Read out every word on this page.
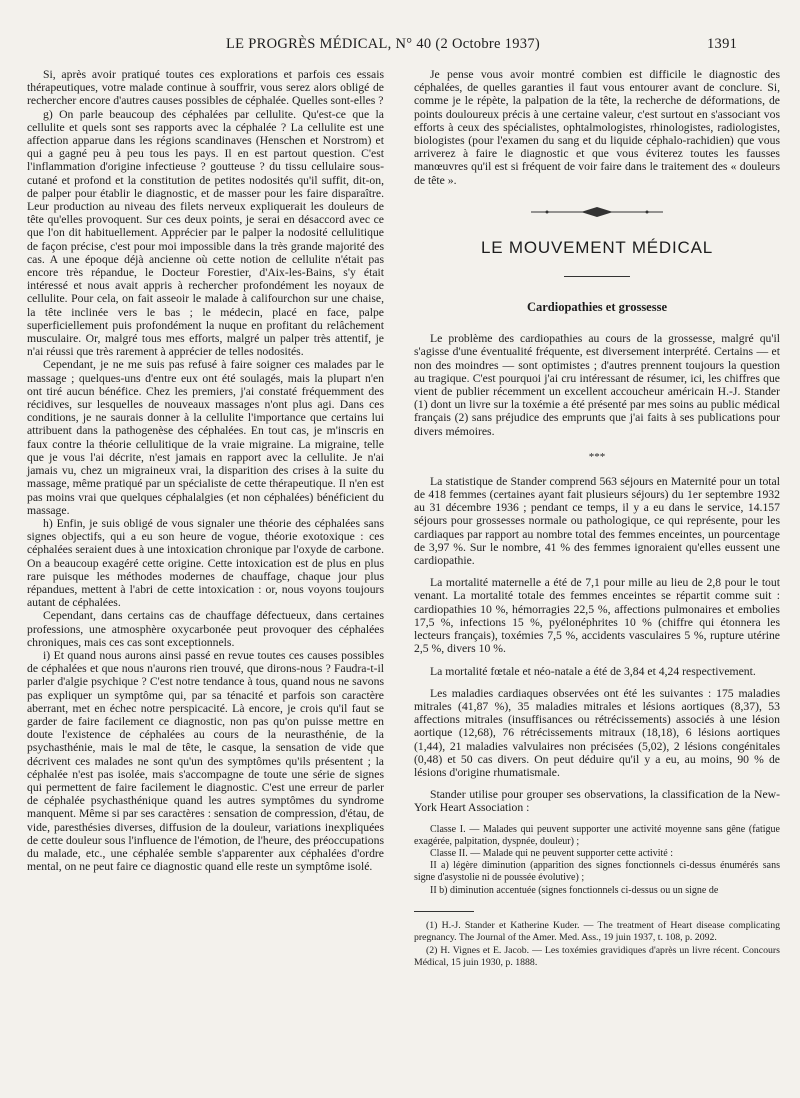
LE PROGRÈS MÉDICAL, N° 40 (2 Octobre 1937)	1391

Si, après avoir pratiqué toutes ces explorations et parfois ces essais thérapeutiques, votre malade continue à souffrir, vous serez alors obligé de rechercher encore d'autres causes possibles de céphalée. Quelles sont-elles ?

g) On parle beaucoup des céphalées par cellulite. Qu'est-ce que la cellulite et quels sont ses rapports avec la céphalée ? La cellulite est une affection apparue dans les régions scandinaves (Henschen et Norstrom) et qui a gagné peu à peu tous les pays. Il en est partout question. C'est l'inflammation d'origine infectieuse ? goutteuse ? du tissu cellulaire sous-cutané et profond et la constitution de petites nodosités qu'il suffit, dit-on, de palper pour établir le diagnostic, et de masser pour les faire disparaître. Leur production au niveau des filets nerveux expliquerait les douleurs de tête qu'elles provoquent. Sur ces deux points, je serai en désaccord avec ce que l'on dit habituellement. Apprécier par le palper la nodosité cellulitique de façon précise, c'est pour moi impossible dans la très grande majorité des cas. A une époque déjà ancienne où cette notion de cellulite n'était pas encore très répandue, le Docteur Forestier, d'Aix-les-Bains, s'y était intéressé et nous avait appris à rechercher profondément les noyaux de cellulite. Pour cela, on fait asseoir le malade à califourchon sur une chaise, la tête inclinée vers le bas ; le médecin, placé en face, palpe superficiellement puis profondément la nuque en profitant du relâchement musculaire. Or, malgré tous mes efforts, malgré un palper très attentif, je n'ai réussi que très rarement à apprécier de telles nodosités.

Cependant, je ne me suis pas refusé à faire soigner ces malades par le massage ; quelques-uns d'entre eux ont été soulagés, mais la plupart n'en ont tiré aucun bénéfice. Chez les premiers, j'ai constaté fréquemment des récidives, sur lesquelles de nouveaux massages n'ont plus agi. Dans ces conditions, je ne saurais donner à la cellulite l'importance que certains lui attribuent dans la pathogenèse des céphalées. En tout cas, je m'inscris en faux contre la théorie cellulitique de la vraie migraine. La migraine, telle que je vous l'ai décrite, n'est jamais en rapport avec la cellulite. Je n'ai jamais vu, chez un migraineux vrai, la disparition des crises à la suite du massage, même pratiqué par un spécialiste de cette thérapeutique. Il n'en est pas moins vrai que quelques céphalalgies (et non céphalées) bénéficient du massage.

h) Enfin, je suis obligé de vous signaler une théorie des céphalées sans signes objectifs, qui a eu son heure de vogue, théorie exotoxique : ces céphalées seraient dues à une intoxication chronique par l'oxyde de carbone. On a beaucoup exagéré cette origine. Cette intoxication est de plus en plus rare puisque les méthodes modernes de chauffage, chaque jour plus répandues, mettent à l'abri de cette intoxication : or, nous voyons toujours autant de céphalées.

Cependant, dans certains cas de chauffage défectueux, dans certaines professions, une atmosphère oxycarbonée peut provoquer des céphalées chroniques, mais ces cas sont exceptionnels.

i) Et quand nous aurons ainsi passé en revue toutes ces causes possibles de céphalées et que nous n'aurons rien trouvé, que dirons-nous ? Faudra-t-il parler d'algie psychique ? C'est notre tendance à tous, quand nous ne savons pas expliquer un symptôme qui, par sa ténacité et parfois son caractère aberrant, met en échec notre perspicacité. Là encore, je crois qu'il faut se garder de faire facilement ce diagnostic, non pas qu'on puisse mettre en doute l'existence de céphalées au cours de la neurasthénie, de la psychasthénie, mais le mal de tête, le casque, la sensation de vide que décrivent ces malades ne sont qu'un des symptômes qu'ils présentent ; la céphalée n'est pas isolée, mais s'accompagne de toute une série de signes qui permettent de faire facilement le diagnostic. C'est une erreur de parler de céphalée psychasthénique quand les autres symptômes du syndrome manquent. Même si par ses caractères : sensation de compression, d'étau, de vide, paresthésies diverses, diffusion de la douleur, variations inexpliquées de cette douleur sous l'influence de l'émotion, de l'heure, des préoccupations du malade, etc., une céphalée semble s'apparenter aux céphalées d'ordre mental, on ne peut faire ce diagnostic quand elle reste un symptôme isolé.

Je pense vous avoir montré combien est difficile le diagnostic des céphalées, de quelles garanties il faut vous entourer avant de conclure. Si, comme je le répète, la palpation de la tête, la recherche de déformations, de points douloureux précis à une certaine valeur, c'est surtout en s'associant vos efforts à ceux des spécialistes, ophtalmologistes, rhinologistes, radiologistes, biologistes (pour l'examen du sang et du liquide céphalo-rachidien) que vous arriverez à faire le diagnostic et que vous éviterez toutes les fausses manœuvres qu'il est si fréquent de voir faire dans le traitement des « douleurs de tête ».

LE MOUVEMENT MÉDICAL
Cardiopathies et grossesse

Le problème des cardiopathies au cours de la grossesse, malgré qu'il s'agisse d'une éventualité fréquente, est diversement interprété. Certains — et non des moindres — sont optimistes ; d'autres prennent toujours la question au tragique. C'est pourquoi j'ai cru intéressant de résumer, ici, les chiffres que vient de publier récemment un excellent accoucheur américain H.-J. Stander (1) dont un livre sur la toxémie a été présenté par mes soins au public médical français (2) sans préjudice des emprunts que j'ai faits à ses publications pour divers mémoires.

***

La statistique de Stander comprend 563 séjours en Maternité pour un total de 418 femmes (certaines ayant fait plusieurs séjours) du 1er septembre 1932 au 31 décembre 1936 ; pendant ce temps, il y a eu dans le service, 14.157 séjours pour grossesses normale ou pathologique, ce qui représente, pour les cardiaques par rapport au nombre total des femmes enceintes, un pourcentage de 3,97 %. Sur le nombre, 41 % des femmes ignoraient qu'elles eussent une cardiopathie.

La mortalité maternelle a été de 7,1 pour mille au lieu de 2,8 pour le tout venant. La mortalité totale des femmes enceintes se répartit comme suit : cardiopathies 10 %, hémorragies 22,5 %, affections pulmonaires et embolies 17,5 %, infections 15 %, pyélonéphrites 10 % (chiffre qui étonnera les lecteurs français), toxémies 7,5 %, accidents vasculaires 5 %, rupture utérine 2,5 %, divers 10 %.

La mortalité fœtale et néo-natale a été de 3,84 et 4,24 respectivement.

Les maladies cardiaques observées ont été les suivantes : 175 maladies mitrales (41,87 %), 35 maladies mitrales et lésions aortiques (8,37), 53 affections mitrales (insuffisances ou rétrécissements) associés à une lésion aortique (12,68), 76 rétrécissements mitraux (18,18), 6 lésions aortiques (1,44), 21 maladies valvulaires non précisées (5,02), 2 lésions congénitales (0,48) et 50 cas divers. On peut déduire qu'il y a eu, au moins, 90 % de lésions d'origine rhumatismale.

Stander utilise pour grouper ses observations, la classification de la New-York Heart Association :

Classe I. — Malades qui peuvent supporter une activité moyenne sans gêne (fatigue exagérée, palpitation, dyspnée, douleur) ;

Classe II. — Malade qui ne peuvent supporter cette activité :

II a) légère diminution (apparition des signes fonctionnels ci-dessus énumérés sans signe d'asystolie ni de poussée évolutive) ;

II b) diminution accentuée (signes fonctionnels ci-dessus ou un signe de

(1) H.-J. Stander et Katherine Kuder. — The treatment of Heart disease complicating pregnancy. The Journal of the Amer. Med. Ass., 19 juin 1937, t. 108, p. 2092.

(2) H. Vignes et E. Jacob. — Les toxémies gravidiques d'après un livre récent. Concours Médical, 15 juin 1930, p. 1888.
